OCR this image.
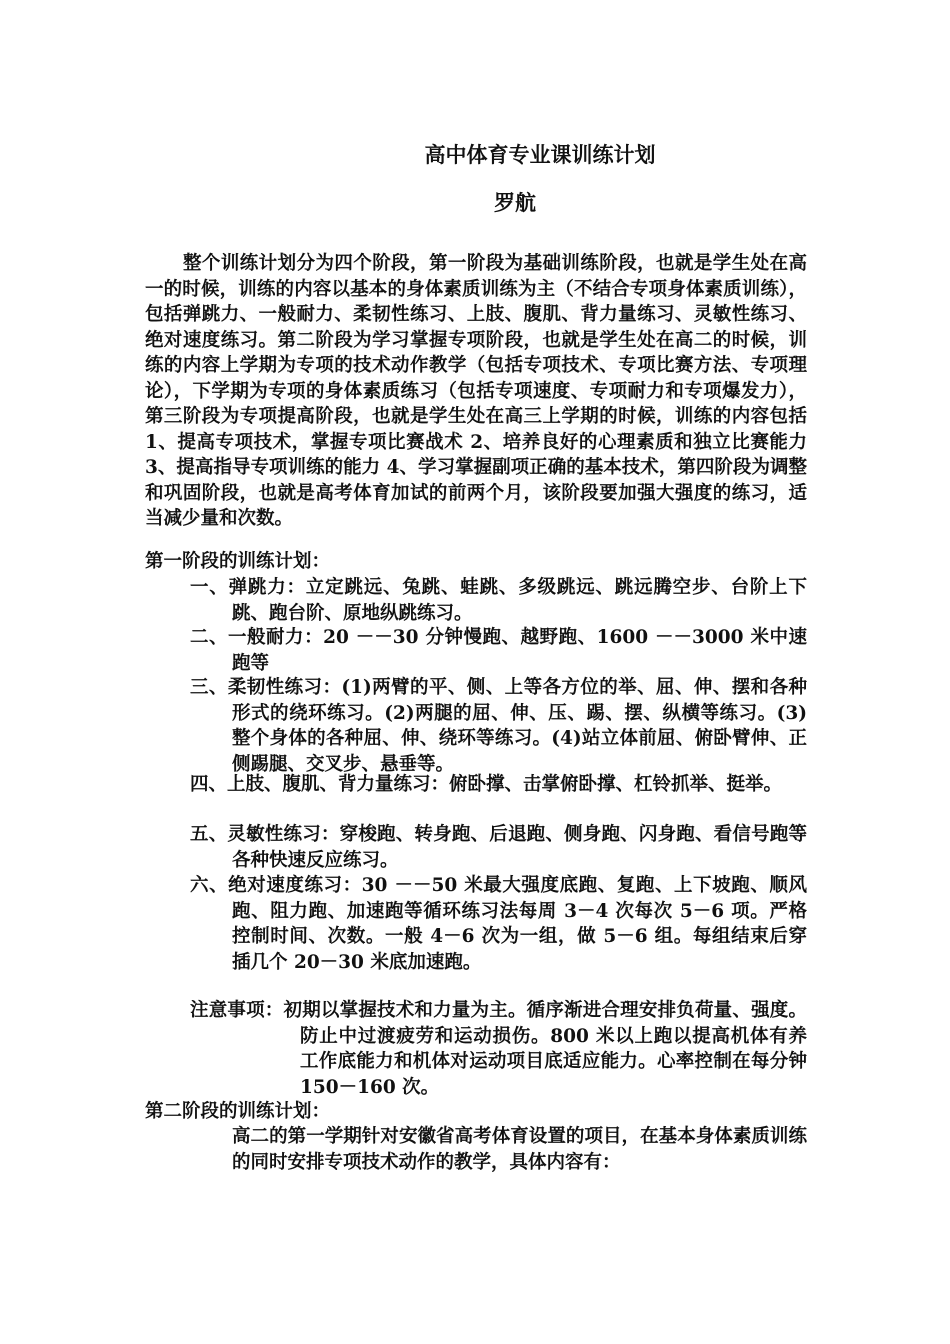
高中体育专业课训练计划
罗航
整个训练计划分为四个阶段，第一阶段为基础训练阶段，也就是学生处在高一的时候，训练的内容以基本的身体素质训练为主（不结合专项身体素质训练），包括弹跳力、一般耐力、柔韧性练习、上肢、腹肌、背力量练习、灵敏性练习、绝对速度练习。第二阶段为学习掌握专项阶段，也就是学生处在高二的时候，训练的内容上学期为专项的技术动作教学（包括专项技术、专项比赛方法、专项理论），下学期为专项的身体素质练习（包括专项速度、专项耐力和专项爆发力），第三阶段为专项提高阶段，也就是学生处在高三上学期的时候，训练的内容包括 1、提高专项技术，掌握专项比赛战术 2、培养良好的心理素质和独立比赛能力 3、提高指导专项训练的能力 4、学习掌握副项正确的基本技术，第四阶段为调整和巩固阶段，也就是高考体育加试的前两个月，该阶段要加强大强度的练习，适当减少量和次数。
第一阶段的训练计划：
一、弹跳力：立定跳远、兔跳、蛙跳、多级跳远、跳远腾空步、台阶上下跳、跑台阶、原地纵跳练习。
二、一般耐力：20 －－30 分钟慢跑、越野跑、1600 －－3000 米中速跑等
三、柔韧性练习：(1)两臂的平、侧、上等各方位的举、屈、伸、摆和各种形式的绕环练习。(2)两腿的屈、伸、压、踢、摆、纵横等练习。(3)整个身体的各种屈、伸、绕环等练习。(4)站立体前屈、俯卧臂伸、正侧踢腿、交叉步、悬垂等。
四、上肢、腹肌、背力量练习：俯卧撑、击掌俯卧撑、杠铃抓举、挺举。
五、灵敏性练习：穿梭跑、转身跑、后退跑、侧身跑、闪身跑、看信号跑等各种快速反应练习。
六、绝对速度练习：30 －－50 米最大强度底跑、复跑、上下坡跑、顺风跑、阻力跑、加速跑等循环练习法每周 3－4 次每次 5－6 项。严格控制时间、次数。一般 4－6 次为一组，做 5－6 组。每组结束后穿插几个 20－30 米底加速跑。
注意事项：初期以掌握技术和力量为主。循序渐进合理安排负荷量、强度。防止中过渡疲劳和运动损伤。800 米以上跑以提高机体有养工作底能力和机体对运动项目底适应能力。心率控制在每分钟 150－160 次。
第二阶段的训练计划：
高二的第一学期针对安徽省高考体育设置的项目，在基本身体素质训练的同时安排专项技术动作的教学，具体内容有：
